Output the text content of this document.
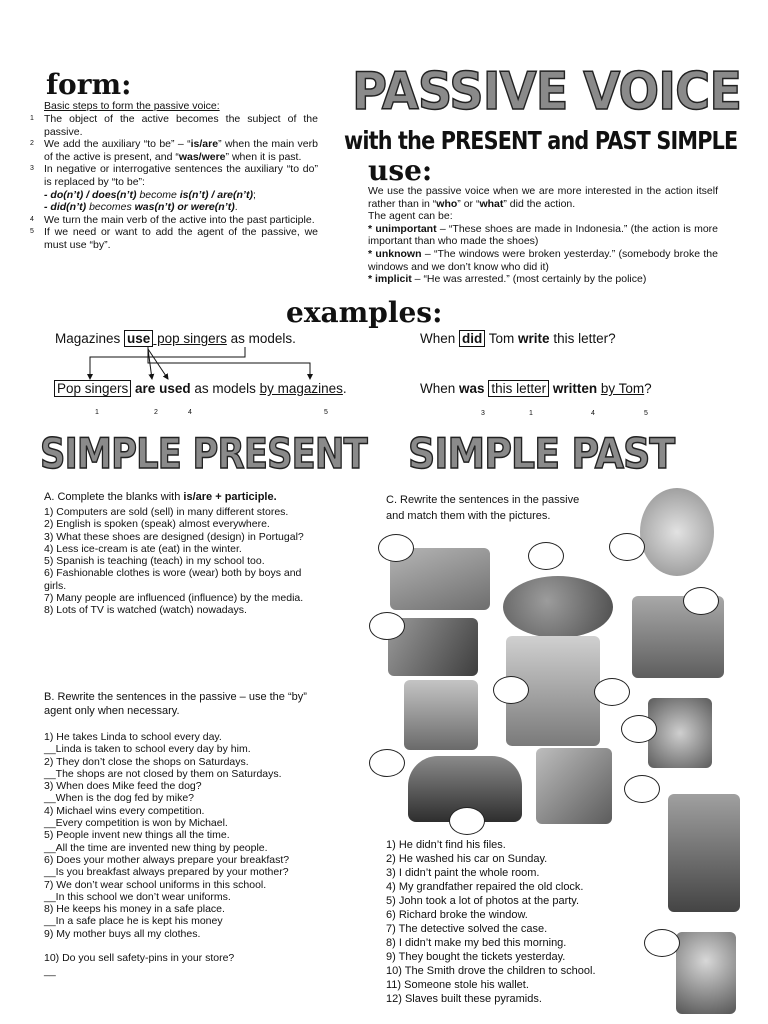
form:
Basic steps to form the passive voice:
1 The object of the active becomes the subject of the passive.
2 We add the auxiliary “to be” – “is/are” when the main verb of the active is present, and “was/were” when it is past.
3 In negative or interrogative sentences the auxiliary “to do” is replaced by “to be”:
- do(n’t) / does(n’t) become is(n’t) / are(n’t);
- did(n’t) becomes was(n’t) or were(n’t).
4 We turn the main verb of the active into the past participle.
5 If we need or want to add the agent of the passive, we must use “by”.
PASSIVE VOICE
with the PRESENT and PAST SIMPLE
use:
We use the passive voice when we are more interested in the action itself rather than in “who” or “what” did the action.
The agent can be:
* unimportant – “These shoes are made in Indonesia.” (the action is more important than who made the shoes)
* unknown – “The windows were broken yesterday.” (somebody broke the windows and we don’t know who did it)
* implicit – “He was arrested.” (most certainly by the police)
examples:
Magazines use pop singers as models.
Pop singers are used as models by magazines.
1	2	4	5
When did Tom write this letter?
When was this letter written by Tom?
3	1	4	5
SIMPLE PRESENT SIMPLE PAST
A. Complete the blanks with is/are + participle.
1) Computers are sold (sell) in many different stores.
2) English is spoken (speak) almost everywhere.
3) What these shoes are designed (design) in Portugal?
4) Less ice-cream is ate (eat) in the winter.
5) Spanish is teaching (teach) in my school too.
6) Fashionable clothes is wore (wear) both by boys and
girls.
7) Many people are influenced (influence) by the media.
8) Lots of TV is watched (watch) nowadays.
B. Rewrite the sentences in the passive – use the “by”
agent only when necessary.
1) He takes Linda to school every day.
__Linda is taken to school every day by him.
2) They don’t close the shops on Saturdays.
__The shops are not closed by them on Saturdays.
3) When does Mike feed the dog?
__When is the dog fed by mike?
4) Michael wins every competition.
__Every competition is won by Michael.
5) People invent new things all the time.
__All the time are invented new thing by people.
6) Does your mother always prepare your breakfast?
__Is you breakfast always prepared by your mother?
7) We don’t wear school uniforms in this school.
__In this school we don’t wear uniforms.
8) He keeps his money in a safe place.
__In a safe place he is kept his money
9) My mother buys all my clothes.

10) Do you sell safety-pins in your store?
__
C. Rewrite the sentences in the passive
and match them with the pictures.
1) He didn’t find his files.
2) He washed his car on Sunday.
3) I didn’t paint the whole room.
4) My grandfather repaired the old clock.
5) John took a lot of photos at the party.
6) Richard broke the window.
7) The detective solved the case.
8) I didn’t make my bed this morning.
9) They bought the tickets yesterday.
10) The Smith drove the children to school.
11) Someone stole his wallet.
12) Slaves built these pyramids.
